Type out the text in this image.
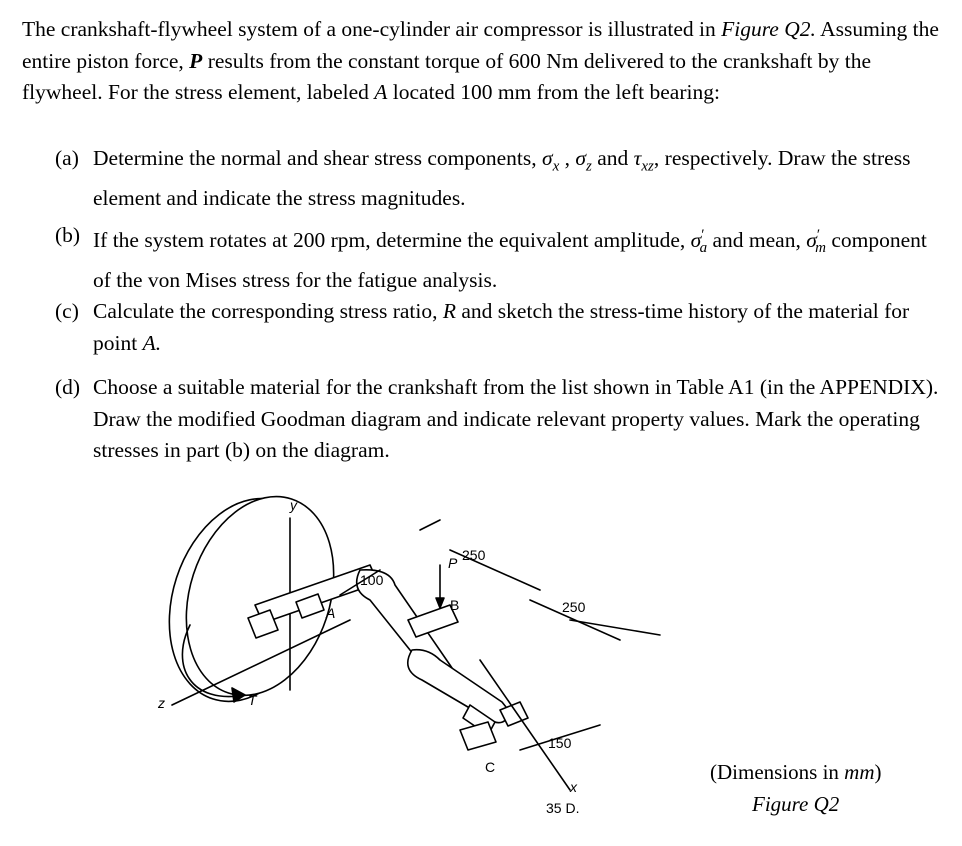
The crankshaft-flywheel system of a one-cylinder air compressor is illustrated in Figure Q2. Assuming the entire piston force, P results from the constant torque of 600 Nm delivered to the crankshaft by the flywheel. For the stress element, labeled A located 100 mm from the left bearing:

(a) Determine the normal and shear stress components, $\sigma_x$ , $\sigma_z$ and $\tau_{xz}$, respectively. Draw the stress element and indicate the stress magnitudes.
(b) If the system rotates at 200 rpm, determine the equivalent amplitude, $\sigma'_a$ and mean, $\sigma'_m$ component of the von Mises stress for the fatigue analysis.
(c) Calculate the corresponding stress ratio, R and sketch the stress-time history of the material for point A.
(d) Choose a suitable material for the crankshaft from the list shown in Table A1 (in the APPENDIX). Draw the modified Goodman diagram and indicate relevant property values. Mark the operating stresses in part (b) on the diagram.
y
z
x
T
A
P
B
C
100
250
250
150
35 D.
(Dimensions in mm)
Figure Q2
